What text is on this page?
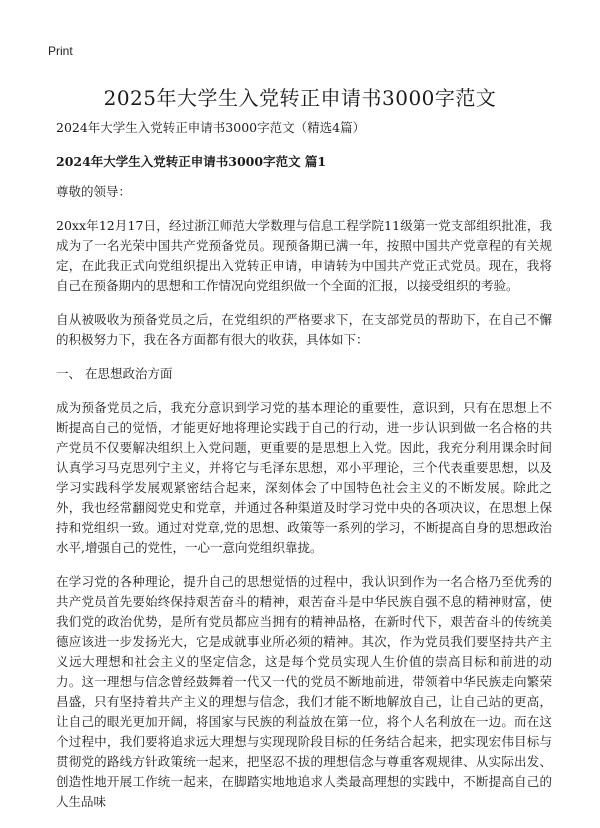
Print
2025年大学生入党转正申请书3000字范文

2024年大学生入党转正申请书3000字范文（精选4篇）

2024年大学生入党转正申请书3000字范文 篇1

尊敬的领导：

20xx年12月17日，经过浙江师范大学数理与信息工程学院11级第一党支部组织批准，我成为了一名光荣中国共产党预备党员。现预备期已满一年，按照中国共产党章程的有关规定，在此我正式向党组织提出入党转正申请，申请转为中国共产党正式党员。现在，我将自己在预备期内的思想和工作情况向党组织做一个全面的汇报，以接受组织的考验。

自从被吸收为预备党员之后，在党组织的严格要求下，在支部党员的帮助下，在自己不懈的积极努力下，我在各方面都有很大的收获，具体如下：

一、 在思想政治方面

成为预备党员之后，我充分意识到学习党的基本理论的重要性，意识到，只有在思想上不断提高自己的觉悟，才能更好地将理论实践于自己的行动，进一步认识到做一名合格的共产党员不仅要解决组织上入党问题，更重要的是思想上入党。因此，我充分利用课余时间认真学习马克思列宁主义，并将它与毛泽东思想，邓小平理论，三个代表重要思想，以及学习实践科学发展观紧密结合起来，深刻体会了中国特色社会主义的不断发展。除此之外，我也经常翻阅党史和党章，并通过各种渠道及时学习党中央的各项决议，在思想上保持和党组织一致。通过对党章,党的思想、政策等一系列的学习，不断提高自身的思想政治水平,增强自己的党性，一心一意向党组织靠拢。

在学习党的各种理论，提升自己的思想觉悟的过程中，我认识到作为一名合格乃至优秀的共产党员首先要始终保持艰苦奋斗的精神，艰苦奋斗是中华民族自强不息的精神财富，使我们党的政治优势，是所有党员都应当拥有的精神品格，在新时代下，艰苦奋斗的传统美德应该进一步发扬光大，它是成就事业所必须的精神。其次，作为党员我们要坚持共产主义远大理想和社会主义的坚定信念，这是每个党员实现人生价值的崇高目标和前进的动力。这一理想与信念曾经鼓舞着一代又一代的党员不断地前进，带领着中华民族走向繁荣昌盛，只有坚持着共产主义的理想与信念，我们才能不断地解放自己，让自己站的更高，让自己的眼光更加开阔，将国家与民族的利益放在第一位，将个人名利放在一边。而在这个过程中，我们要将追求远大理想与实现现阶段目标的任务结合起来，把实现宏伟目标与贯彻党的路线方针政策统一起来，把坚忍不拔的理想信念与尊重客观规律、从实际出发、创造性地开展工作统一起来，在脚踏实地地追求人类最高理想的实践中，不断提高自己的人生品味
